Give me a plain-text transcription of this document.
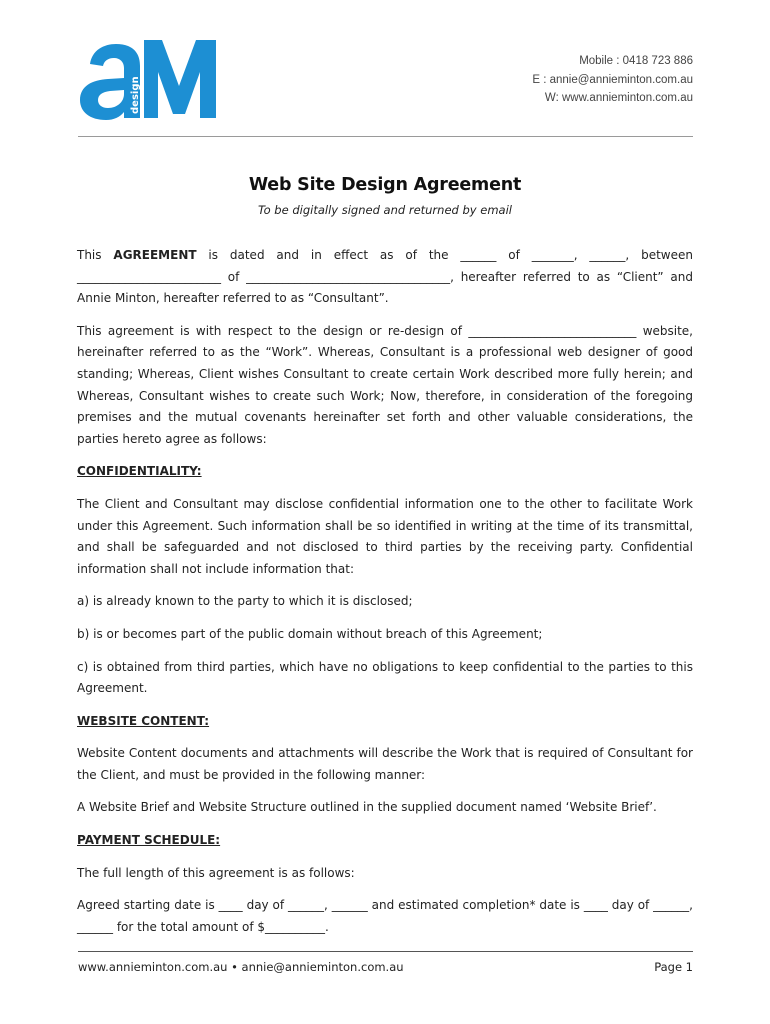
design
Mobile : 0418 723 886
E : annie@annieminton.com.au
W: www.annieminton.com.au
Web Site Design Agreement
To be digitally signed and returned by email

This AGREEMENT is dated and in effect as of the ______ of _______, ______, between ________________________ of __________________________________, hereafter referred to as “Client” and Annie Minton, hereafter referred to as “Consultant”.

This agreement is with respect to the design or re-design of ____________________________ website, hereinafter referred to as the “Work”. Whereas, Consultant is a professional web designer of good standing; Whereas, Client wishes Consultant to create certain Work described more fully herein; and Whereas, Consultant wishes to create such Work; Now, therefore, in consideration of the foregoing premises and the mutual covenants hereinafter set forth and other valuable considerations, the parties hereto agree as follows:

CONFIDENTIALITY:

The Client and Consultant may disclose confidential information one to the other to facilitate Work under this Agreement. Such information shall be so identified in writing at the time of its transmittal, and shall be safeguarded and not disclosed to third parties by the receiving party. Confidential information shall not include information that:

a) is already known to the party to which it is disclosed;

b) is or becomes part of the public domain without breach of this Agreement;

c) is obtained from third parties, which have no obligations to keep confidential to the parties to this Agreement.

WEBSITE CONTENT:

Website Content documents and attachments will describe the Work that is required of Consultant for the Client, and must be provided in the following manner:

A Website Brief and Website Structure outlined in the supplied document named ‘Website Brief’.

PAYMENT SCHEDULE:

The full length of this agreement is as follows:

Agreed starting date is ____ day of ______, ______ and estimated completion* date is ____ day of ______, ______ for the total amount of $__________.

www.annieminton.com.au • annie@annieminton.com.au	Page 1
